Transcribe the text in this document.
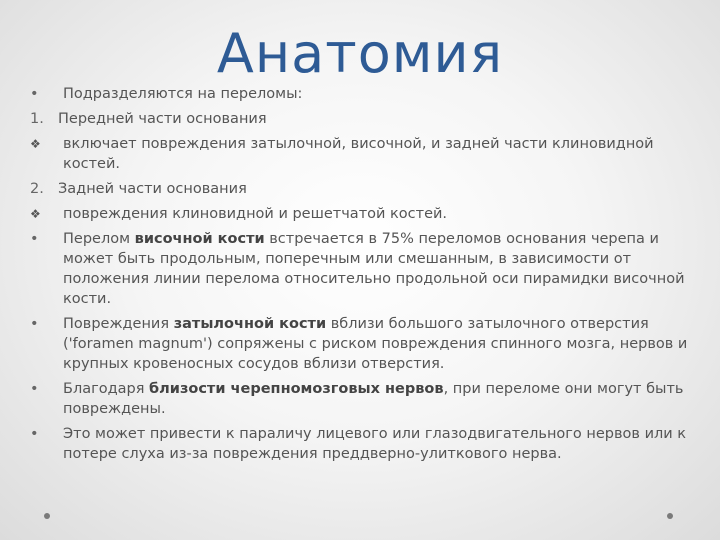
Анатомия
• Подразделяются на переломы:
1. Передней части основания
❖ включает повреждения затылочной, височной, и задней части клиновидной костей.
2. Задней части основания
❖ повреждения клиновидной и решетчатой костей.
• Перелом височной кости встречается в 75% переломов основания черепа и может быть продольным, поперечным или смешанным, в зависимости от положения линии перелома относительно продольной оси пирамидки височной кости.
• Повреждения затылочной кости вблизи большого затылочного отверстия ('foramen magnum') сопряжены с риском повреждения спинного мозга, нервов и крупных кровеносных сосудов вблизи отверстия.
• Благодаря близости черепномозговых нервов, при переломе они могут быть повреждены.
• Это может привести к параличу лицевого или глазодвигательного нервов или к потере слуха из-за повреждения преддверно-улиткового нерва.
